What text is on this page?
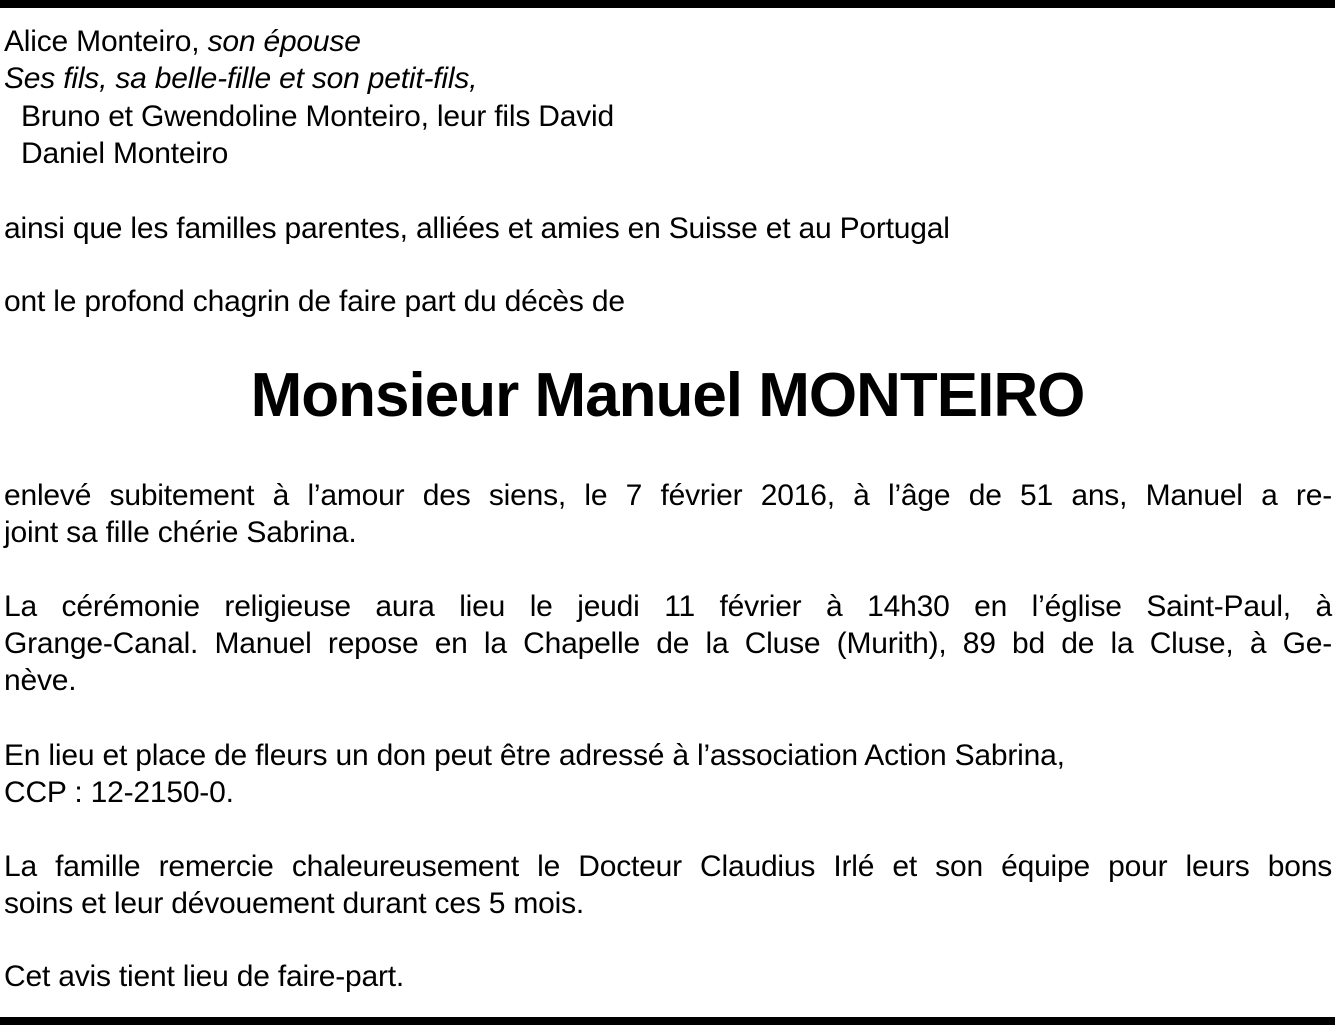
Alice Monteiro, son épouse

Ses fils, sa belle-fille et son petit-fils,

Bruno et Gwendoline Monteiro, leur fils David

Daniel Monteiro

ainsi que les familles parentes, alliées et amies en Suisse et au Portugal

ont le profond chagrin de faire part du décès de

Monsieur Manuel MONTEIRO
enlevé subitement à l’amour des siens, le 7 février 2016, à l’âge de 51 ans, Manuel a re-
joint sa fille chérie Sabrina.
La cérémonie religieuse aura lieu le jeudi 11 février à 14h30 en l’église Saint-Paul, à
Grange-Canal. Manuel repose en la Chapelle de la Cluse (Murith), 89 bd de la Cluse, à Ge-
nève.
En lieu et place de fleurs un don peut être adressé à l’association Action Sabrina,
CCP : 12-2150-0.
La famille remercie chaleureusement le Docteur Claudius Irlé et son équipe pour leurs bons
soins et leur dévouement durant ces 5 mois.

Cet avis tient lieu de faire-part.
